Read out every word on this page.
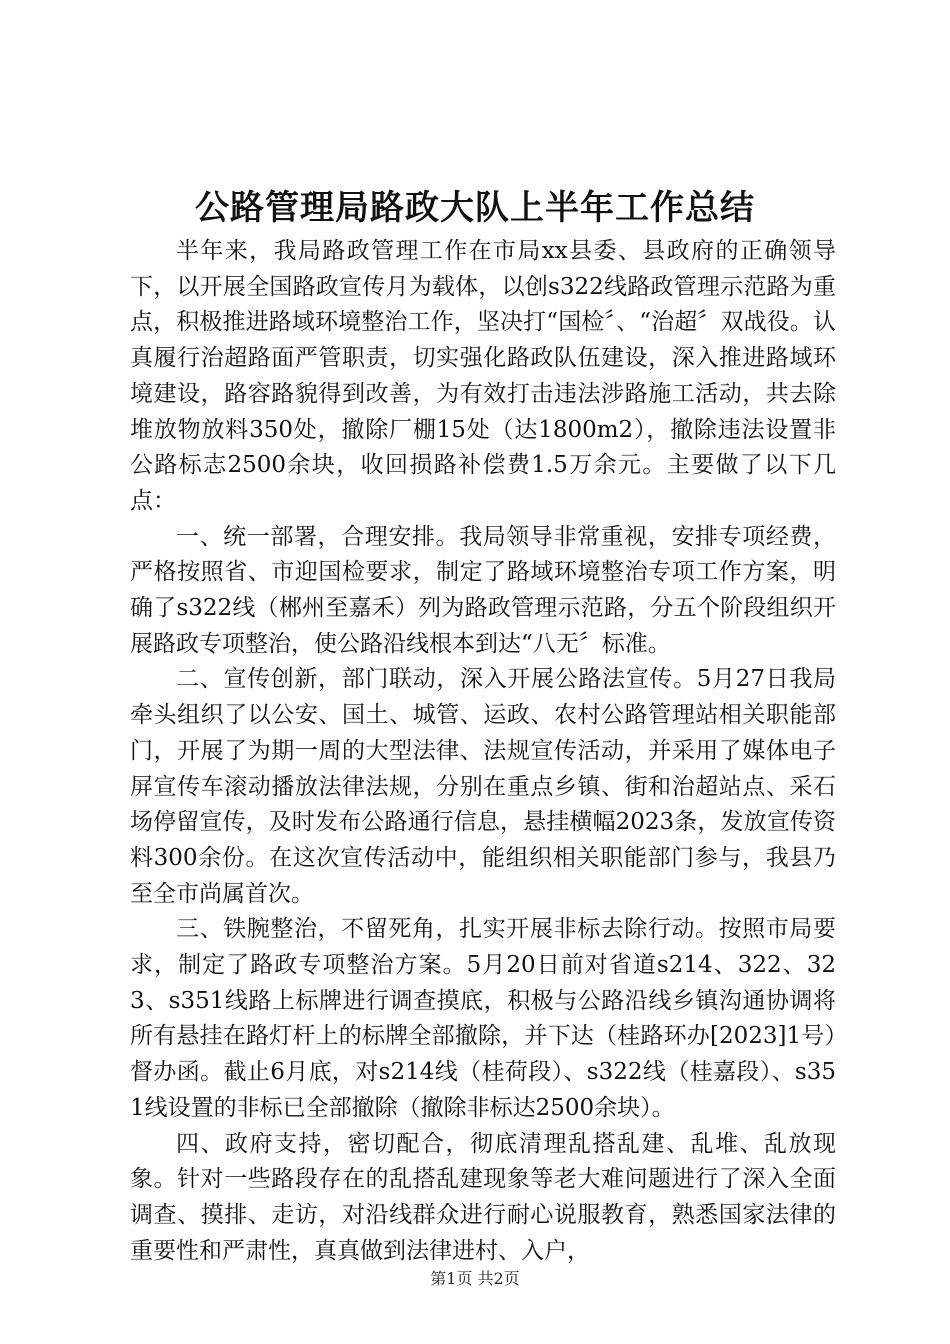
公路管理局路政大队上半年工作总结

半年来，我局路政管理工作在市局xx县委、县政府的正确领导下，以开展全国路政宣传月为载体，以创s322线路政管理示范路为重点，积极推进路域环境整治工作，坚决打“国检〞、“治超〞双战役。认真履行治超路面严管职责，切实强化路政队伍建设，深入推进路域环境建设，路容路貌得到改善，为有效打击违法涉路施工活动，共去除堆放物放料350处，撤除厂棚15处（达1800m2），撤除违法设置非公路标志2500余块，收回损路补偿费1.5万余元。主要做了以下几点：

一、统一部署，合理安排。我局领导非常重视，安排专项经费，严格按照省、市迎国检要求，制定了路域环境整治专项工作方案，明确了s322线（郴州至嘉禾）列为路政管理示范路，分五个阶段组织开展路政专项整治，使公路沿线根本到达“八无〞标准。

二、宣传创新，部门联动，深入开展公路法宣传。5月27日我局牵头组织了以公安、国土、城管、运政、农村公路管理站相关职能部门，开展了为期一周的大型法律、法规宣传活动，并采用了媒体电子屏宣传车滚动播放法律法规，分别在重点乡镇、街和治超站点、采石场停留宣传，及时发布公路通行信息，悬挂横幅2023条，发放宣传资料300余份。在这次宣传活动中，能组织相关职能部门参与，我县乃至全市尚属首次。

三、铁腕整治，不留死角，扎实开展非标去除行动。按照市局要求，制定了路政专项整治方案。5月20日前对省道s214、322、323、s351线路上标牌进行调查摸底，积极与公路沿线乡镇沟通协调将所有悬挂在路灯杆上的标牌全部撤除，并下达（桂路环办[2023]1号）督办函。截止6月底，对s214线（桂荷段）、s322线（桂嘉段）、s351线设置的非标已全部撤除（撤除非标达2500余块）。

四、政府支持，密切配合，彻底清理乱搭乱建、乱堆、乱放现象。针对一些路段存在的乱搭乱建现象等老大难问题进行了深入全面调查、摸排、走访，对沿线群众进行耐心说服教育，熟悉国家法律的重要性和严肃性，真真做到法律进村、入户，

第1页 共2页
